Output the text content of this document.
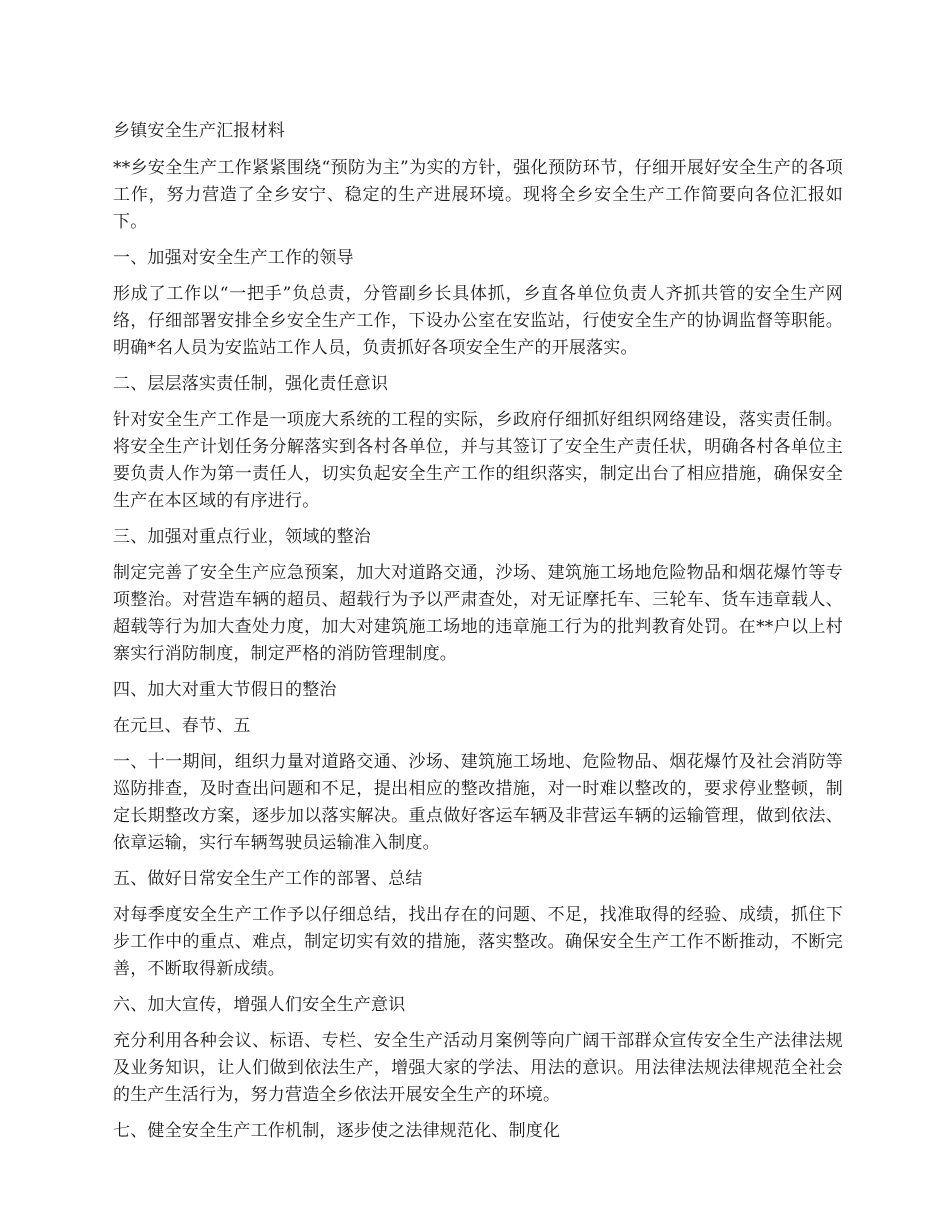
乡镇安全生产汇报材料

**乡安全生产工作紧紧围绕“预防为主”为实的方针，强化预防环节，仔细开展好安全生产的各项工作，努力营造了全乡安宁、稳定的生产进展环境。现将全乡安全生产工作简要向各位汇报如下。

一、加强对安全生产工作的领导

形成了工作以“一把手”负总责，分管副乡长具体抓，乡直各单位负责人齐抓共管的安全生产网络，仔细部署安排全乡安全生产工作，下设办公室在安监站，行使安全生产的协调监督等职能。明确*名人员为安监站工作人员，负责抓好各项安全生产的开展落实。

二、层层落实责任制，强化责任意识

针对安全生产工作是一项庞大系统的工程的实际，乡政府仔细抓好组织网络建设，落实责任制。将安全生产计划任务分解落实到各村各单位，并与其签订了安全生产责任状，明确各村各单位主要负责人作为第一责任人，切实负起安全生产工作的组织落实，制定出台了相应措施，确保安全生产在本区域的有序进行。

三、加强对重点行业，领域的整治

制定完善了安全生产应急预案，加大对道路交通，沙场、建筑施工场地危险物品和烟花爆竹等专项整治。对营造车辆的超员、超载行为予以严肃查处，对无证摩托车、三轮车、货车违章载人、超载等行为加大查处力度，加大对建筑施工场地的违章施工行为的批判教育处罚。在**户以上村寨实行消防制度，制定严格的消防管理制度。

四、加大对重大节假日的整治

在元旦、春节、五

一、十一期间，组织力量对道路交通、沙场、建筑施工场地、危险物品、烟花爆竹及社会消防等巡防排查，及时查出问题和不足，提出相应的整改措施，对一时难以整改的，要求停业整顿，制定长期整改方案，逐步加以落实解决。重点做好客运车辆及非营运车辆的运输管理，做到依法、依章运输，实行车辆驾驶员运输准入制度。

五、做好日常安全生产工作的部署、总结

对每季度安全生产工作予以仔细总结，找出存在的问题、不足，找准取得的经验、成绩，抓住下步工作中的重点、难点，制定切实有效的措施，落实整改。确保安全生产工作不断推动，不断完善，不断取得新成绩。

六、加大宣传，增强人们安全生产意识

充分利用各种会议、标语、专栏、安全生产活动月案例等向广阔干部群众宣传安全生产法律法规及业务知识，让人们做到依法生产，增强大家的学法、用法的意识。用法律法规法律规范全社会的生产生活行为，努力营造全乡依法开展安全生产的环境。

七、健全安全生产工作机制，逐步使之法律规范化、制度化
